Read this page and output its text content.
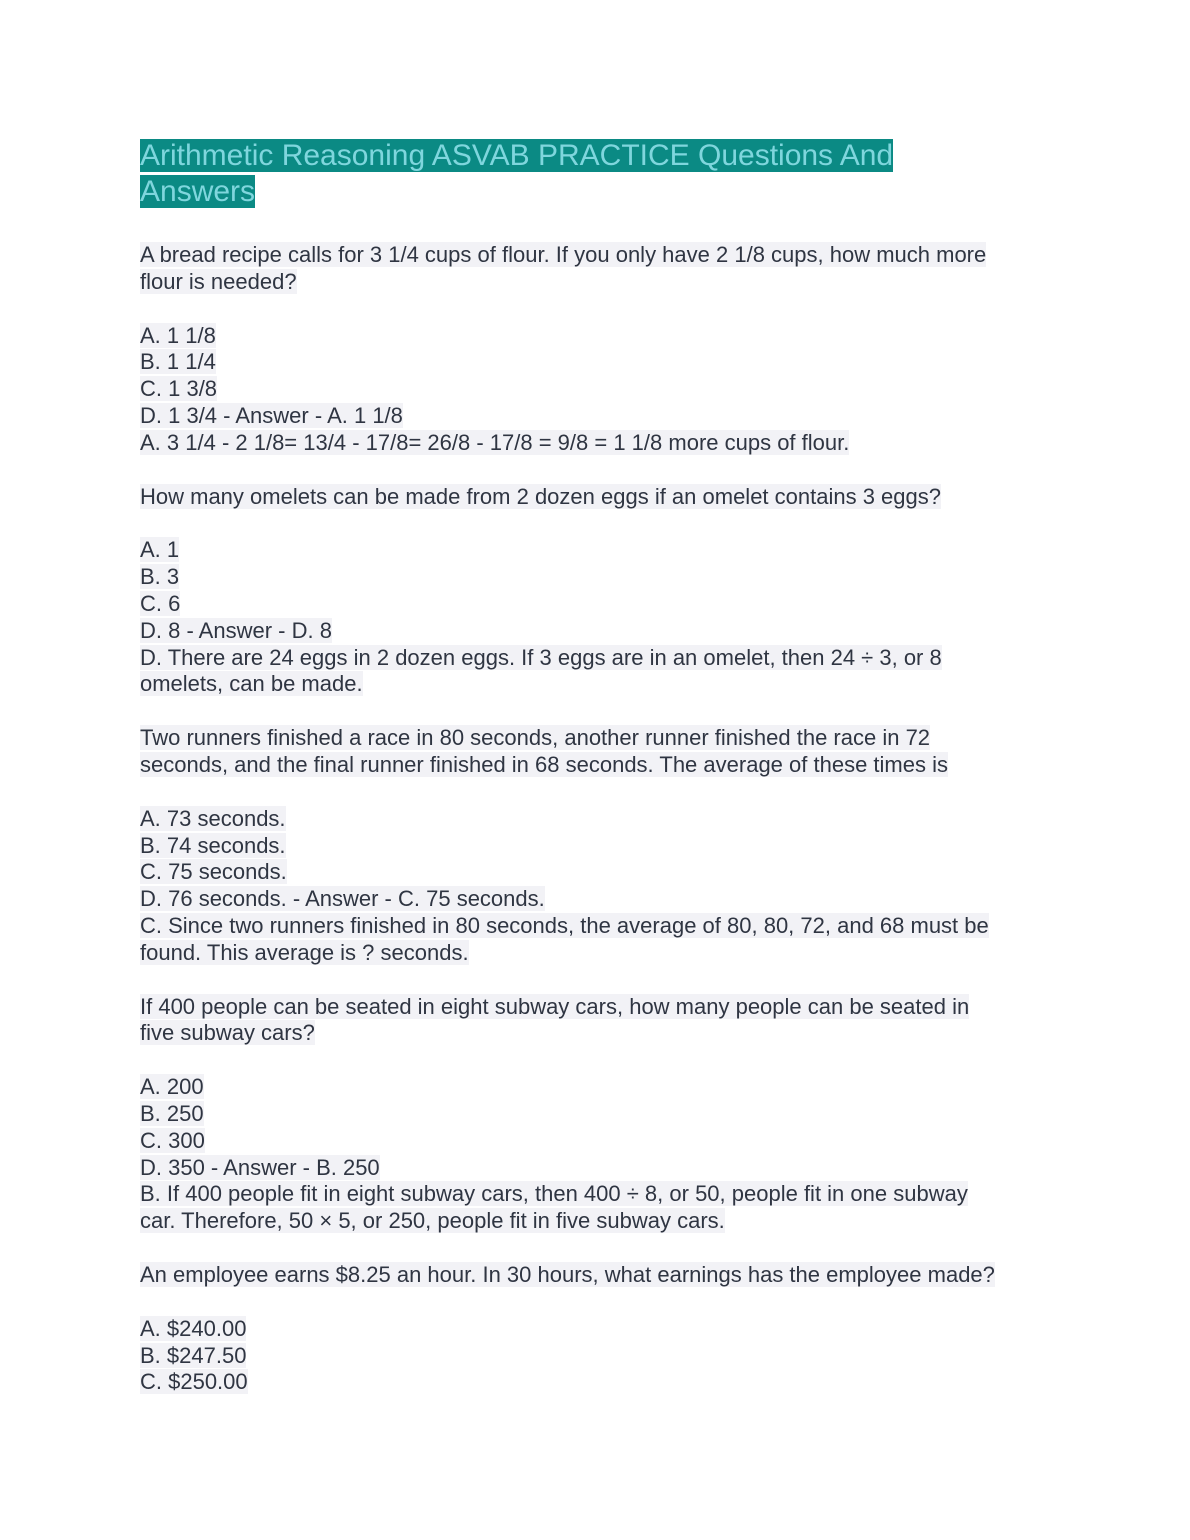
Arithmetic Reasoning ASVAB PRACTICE Questions And
Answers
A bread recipe calls for 3 1/4 cups of flour. If you only have 2 1/8 cups, how much more
flour is needed?
A. 1 1/8
B. 1 1/4
C. 1 3/8
D. 1 3/4 - Answer - A. 1 1/8
A. 3 1/4 - 2 1/8= 13/4 - 17/8= 26/8 - 17/8 = 9/8 = 1 1/8 more cups of flour.
How many omelets can be made from 2 dozen eggs if an omelet contains 3 eggs?
A. 1
B. 3
C. 6
D. 8 - Answer - D. 8
D. There are 24 eggs in 2 dozen eggs. If 3 eggs are in an omelet, then 24 ÷ 3, or 8
omelets, can be made.
Two runners finished a race in 80 seconds, another runner finished the race in 72
seconds, and the final runner finished in 68 seconds. The average of these times is
A. 73 seconds.
B. 74 seconds.
C. 75 seconds.
D. 76 seconds. - Answer - C. 75 seconds.
C. Since two runners finished in 80 seconds, the average of 80, 80, 72, and 68 must be
found. This average is ? seconds.
If 400 people can be seated in eight subway cars, how many people can be seated in
five subway cars?
A. 200
B. 250
C. 300
D. 350 - Answer - B. 250
B. If 400 people fit in eight subway cars, then 400 ÷ 8, or 50, people fit in one subway
car. Therefore, 50 × 5, or 250, people fit in five subway cars.
An employee earns $8.25 an hour. In 30 hours, what earnings has the employee made?
A. $240.00
B. $247.50
C. $250.00
